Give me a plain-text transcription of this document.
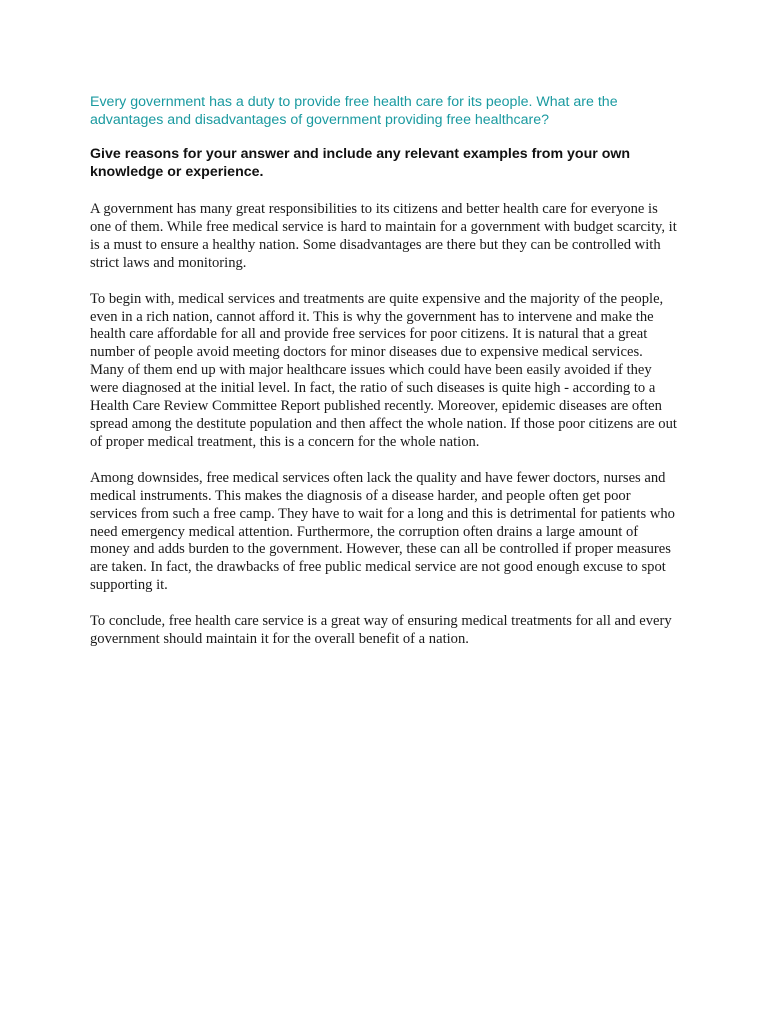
Every government has a duty to provide free health care for its people. What are the advantages and disadvantages of government providing free healthcare?

Give reasons for your answer and include any relevant examples from your own knowledge or experience.

A government has many great responsibilities to its citizens and better health care for everyone is one of them. While free medical service is hard to maintain for a government with budget scarcity, it is a must to ensure a healthy nation. Some disadvantages are there but they can be controlled with strict laws and monitoring.

To begin with, medical services and treatments are quite expensive and the majority of the people, even in a rich nation, cannot afford it. This is why the government has to intervene and make the health care affordable for all and provide free services for poor citizens. It is natural that a great number of people avoid meeting doctors for minor diseases due to expensive medical services. Many of them end up with major healthcare issues which could have been easily avoided if they were diagnosed at the initial level. In fact, the ratio of such diseases is quite high - according to a Health Care Review Committee Report published recently. Moreover, epidemic diseases are often spread among the destitute population and then affect the whole nation. If those poor citizens are out of proper medical treatment, this is a concern for the whole nation.

Among downsides, free medical services often lack the quality and have fewer doctors, nurses and medical instruments. This makes the diagnosis of a disease harder, and people often get poor services from such a free camp. They have to wait for a long and this is detrimental for patients who need emergency medical attention. Furthermore, the corruption often drains a large amount of money and adds burden to the government. However, these can all be controlled if proper measures are taken. In fact, the drawbacks of free public medical service are not good enough excuse to spot supporting it.

To conclude, free health care service is a great way of ensuring medical treatments for all and every government should maintain it for the overall benefit of a nation.
